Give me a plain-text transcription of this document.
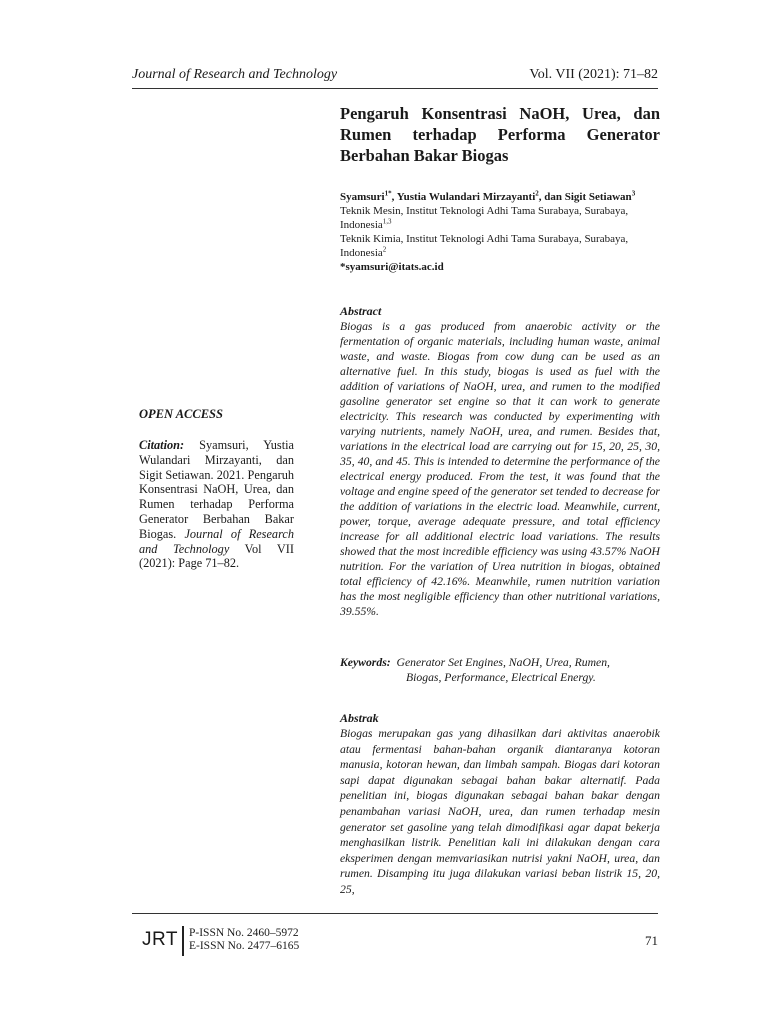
Journal of Research and Technology	Vol. VII (2021): 71–82
Pengaruh Konsentrasi NaOH, Urea, dan Rumen terhadap Performa Generator Berbahan Bakar Biogas
Syamsuri$^{1*}$, Yustia Wulandari Mirzayanti$^2$, dan Sigit Setiawan$^3$
Teknik Mesin, Institut Teknologi Adhi Tama Surabaya, Surabaya, Indonesia$^{1,3}$
Teknik Kimia, Institut Teknologi Adhi Tama Surabaya, Surabaya, Indonesia$^2$
*syamsuri@itats.ac.id
Abstract

Biogas is a gas produced from anaerobic activity or the fermentation of organic materials, including human waste, animal waste, and waste. Biogas from cow dung can be used as an alternative fuel. In this study, biogas is used as fuel with the addition of variations of NaOH, urea, and rumen to the modified gasoline generator set engine so that it can work to generate electricity. This research was conducted by experimenting with varying nutrients, namely NaOH, urea, and rumen. Besides that, variations in the electrical load are carrying out for 15, 20, 25, 30, 35, 40, and 45. This is intended to determine the performance of the electrical energy produced. From the test, it was found that the voltage and engine speed of the generator set tended to decrease for the addition of variations in the electric load. Meanwhile, current, power, torque, average adequate pressure, and total efficiency increase for all additional electric load variations. The results showed that the most incredible efficiency was using 43.57% NaOH nutrition. For the variation of Urea nutrition in biogas, obtained total efficiency of 42.16%. Meanwhile, rumen nutrition variation has the most negligible efficiency than other nutritional variations, 39.55%.

Keywords: Generator Set Engines, NaOH, Urea, Rumen,
Biogas, Performance, Electrical Energy.
Abstrak

Biogas merupakan gas yang dihasilkan dari aktivitas anaerobik atau fermentasi bahan-bahan organik diantaranya kotoran manusia, kotoran hewan, dan limbah sampah. Biogas dari kotoran sapi dapat digunakan sebagai bahan bakar alternatif. Pada penelitian ini, biogas digunakan sebagai bahan bakar dengan penambahan variasi NaOH, urea, dan rumen terhadap mesin generator set gasoline yang telah dimodifikasi agar dapat bekerja menghasilkan listrik. Penelitian kali ini dilakukan dengan cara eksperimen dengan memvariasikan nutrisi yakni NaOH, urea, dan rumen. Disamping itu juga dilakukan variasi beban listrik 15, 20, 25,

OPEN ACCESS

Citation: Syamsuri, Yustia Wulandari Mirzayanti, dan Sigit Setiawan. 2021. Pengaruh Konsentrasi NaOH, Urea, dan Rumen terhadap Performa Generator Berbahan Bakar Biogas. Journal of Research and Technology Vol VII (2021): Page 71–82.

JRT P-ISSN No. 2460–5972
E-ISSN No. 2477–6165	71
